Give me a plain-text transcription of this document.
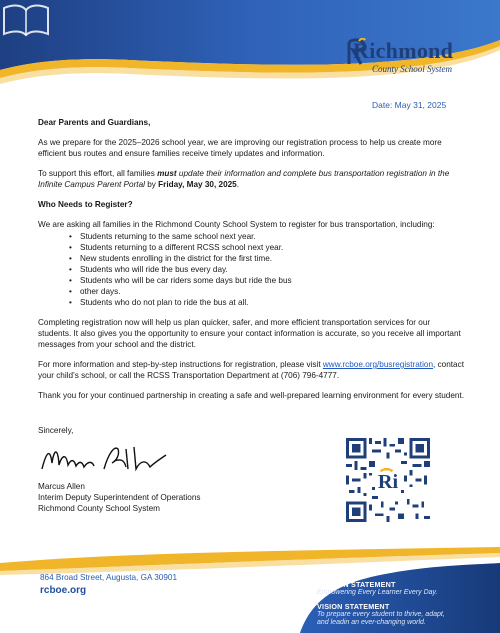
Richmond
County School System
Date: May 31, 2025

Dear Parents and Guardians,

As we prepare for the 2025–2026 school year, we are improving our registration process to help us create more efficient bus routes and ensure families receive timely updates and information.

To support this effort, all families must update their information and complete bus transportation registration in the Infinite Campus Parent Portal by Friday, May 30, 2025.

Who Needs to Register?

We are asking all families in the Richmond County School System to register for bus transportation, including:

• Students returning to the same school next year.
• Students returning to a different RCSS school next year.
• New students enrolling in the district for the first time.
• Students who will ride the bus every day.
• Students who will be car riders some days but ride the bus
• other days.
• Students who do not plan to ride the bus at all.

Completing registration now will help us plan quicker, safer, and more efficient transportation services for our students. It also gives you the opportunity to ensure your contact information is accurate, so you receive all important messages from your school and the district.

For more information and step-by-step instructions for registration, please visit www.rcboe.org/busregistration, contact your child’s school, or call the RCSS Transportation Department at (706) 796-4777.

Thank you for your continued partnership in creating a safe and well-prepared learning environment for every student.

Sincerely,
Marcus Allen
Interim Deputy Superintendent of Operations
Richmond County School System
Ri
864 Broad Street, Augusta, GA 30901
rcboe.org
MISSION STATEMENT
Empowering Every Learner Every Day.
VISION STATEMENT
To prepare every student to thrive, adapt,
and leadin an ever-changing world.
